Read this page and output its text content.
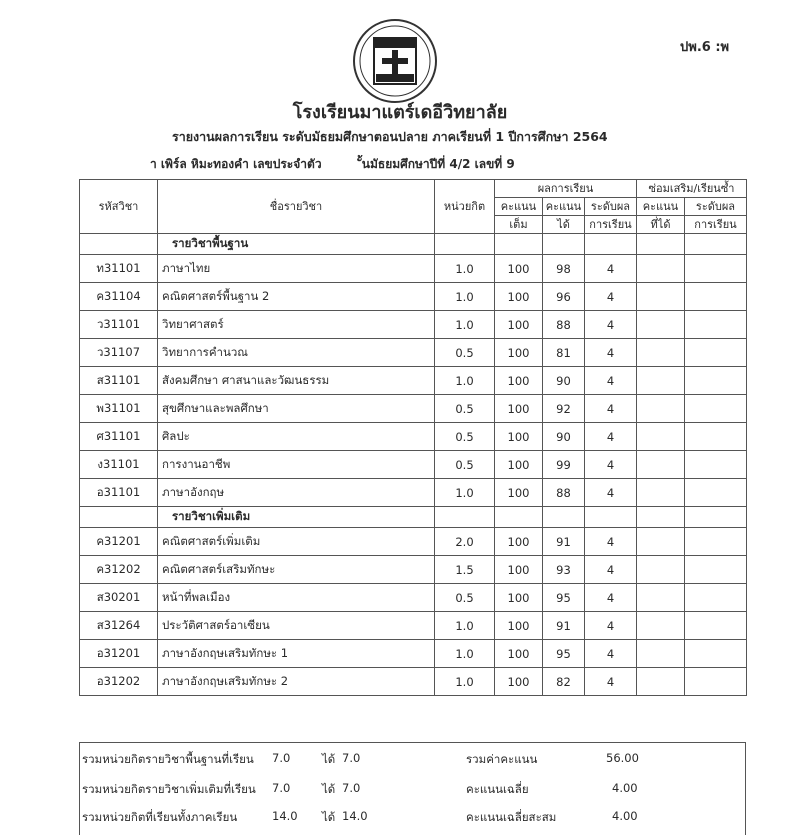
ปพ.6 :พ
โรงเรียนมาแตร์เดอีวิทยาลัย
รายงานผลการเรียน ระดับมัธยมศึกษาตอนปลาย ภาคเรียนที่ 1 ปีการศึกษา 2564
า เพิร์ล หิมะทองคำ เลขประจำตัว	ั้นมัธยมศึกษาปีที่ 4/2 เลขที่ 9
รหัสวิชา	ชื่อรายวิชา	หน่วยกิต	ผลการเรียน			ซ่อมเสริม/เรียนซ้ำ	
			คะแนน	คะแนน	ระดับผล	คะแนน	ระดับผล
			เต็ม	ได้	การเรียน	ที่ได้	การเรียน
	รายวิชาพื้นฐาน						
ท31101	ภาษาไทย	1.0	100	98	4		
ค31104	คณิตศาสตร์พื้นฐาน 2	1.0	100	96	4		
ว31101	วิทยาศาสตร์	1.0	100	88	4		
ว31107	วิทยาการคำนวณ	0.5	100	81	4		
ส31101	สังคมศึกษา ศาสนาและวัฒนธรรม	1.0	100	90	4		
พ31101	สุขศึกษาและพลศึกษา	0.5	100	92	4		
ศ31101	ศิลปะ	0.5	100	90	4		
ง31101	การงานอาชีพ	0.5	100	99	4		
อ31101	ภาษาอังกฤษ	1.0	100	88	4		
	รายวิชาเพิ่มเติม						
ค31201	คณิตศาสตร์เพิ่มเติม	2.0	100	91	4		
ค31202	คณิตศาสตร์เสริมทักษะ	1.5	100	93	4		
ส30201	หน้าที่พลเมือง	0.5	100	95	4		
ส31264	ประวัติศาสตร์อาเซียน	1.0	100	91	4		
อ31201	ภาษาอังกฤษเสริมทักษะ 1	1.0	100	95	4		
อ31202	ภาษาอังกฤษเสริมทักษะ 2	1.0	100	82	4		
รวมหน่วยกิตรายวิชาพื้นฐานที่เรียน 7.0	ได้ 7.0	รวมค่าคะแนน	56.00
รวมหน่วยกิตรายวิชาเพิ่มเติมที่เรียน 7.0	ได้ 7.0	คะแนนเฉลี่ย	4.00
รวมหน่วยกิตที่เรียนทั้งภาคเรียน	14.0 ได้ 14.0	คะแนนเฉลี่ยสะสม	4.00
